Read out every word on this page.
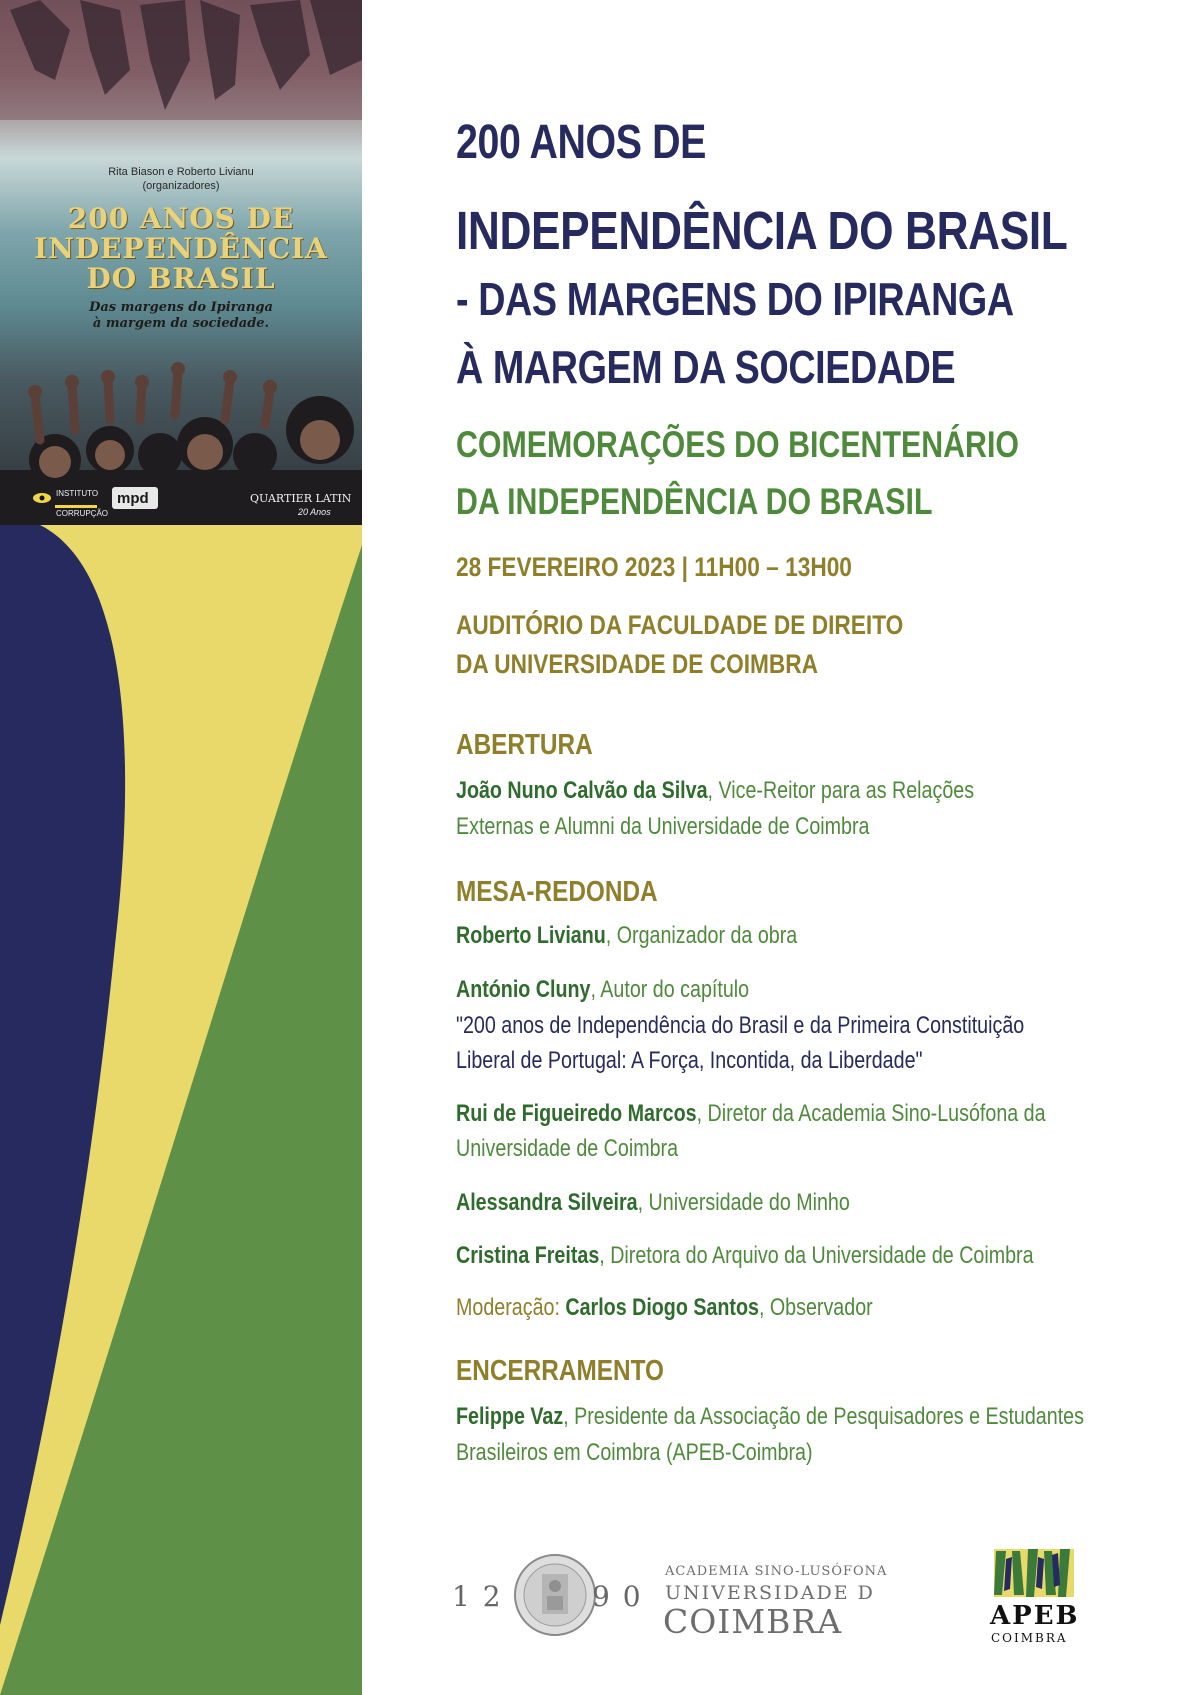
Rita Biason e Roberto Livianu
(organizadores)
200 ANOS DE
INDEPENDÊNCIA
DO BRASIL
Das margens do Ipiranga
à margem da sociedade.
INSTITUTO
CORRUPÇÃO
mpd	QUARTIER LATIN
20 Anos
200 ANOS DE
INDEPENDÊNCIA DO BRASIL
- DAS MARGENS DO IPIRANGA
À MARGEM DA SOCIEDADE
COMEMORAÇÕES DO BICENTENÁRIO
DA INDEPENDÊNCIA DO BRASIL
28 FEVEREIRO 2023 | 11H00 – 13H00
AUDITÓRIO DA FACULDADE DE DIREITO
DA UNIVERSIDADE DE COIMBRA
ABERTURA
João Nuno Calvão da Silva, Vice-Reitor para as Relações
Externas e Alumni da Universidade de Coimbra
MESA-REDONDA
Roberto Livianu, Organizador da obra
António Cluny, Autor do capítulo
"200 anos de Independência do Brasil e da Primeira Constituição
Liberal de Portugal: A Força, Incontida, da Liberdade"
Rui de Figueiredo Marcos, Diretor da Academia Sino-Lusófona da
Universidade de Coimbra
Alessandra Silveira, Universidade do Minho
Cristina Freitas, Diretora do Arquivo da Universidade de Coimbra
Moderação: Carlos Diogo Santos, Observador
ENCERRAMENTO
Felippe Vaz, Presidente da Associação de Pesquisadores e Estudantes
Brasileiros em Coimbra (APEB-Coimbra)
1 2	9 0
ACADEMIA SINO-LUSÓFONA
UNIVERSIDADE D
COIMBRA	APEB
COIMBRA
